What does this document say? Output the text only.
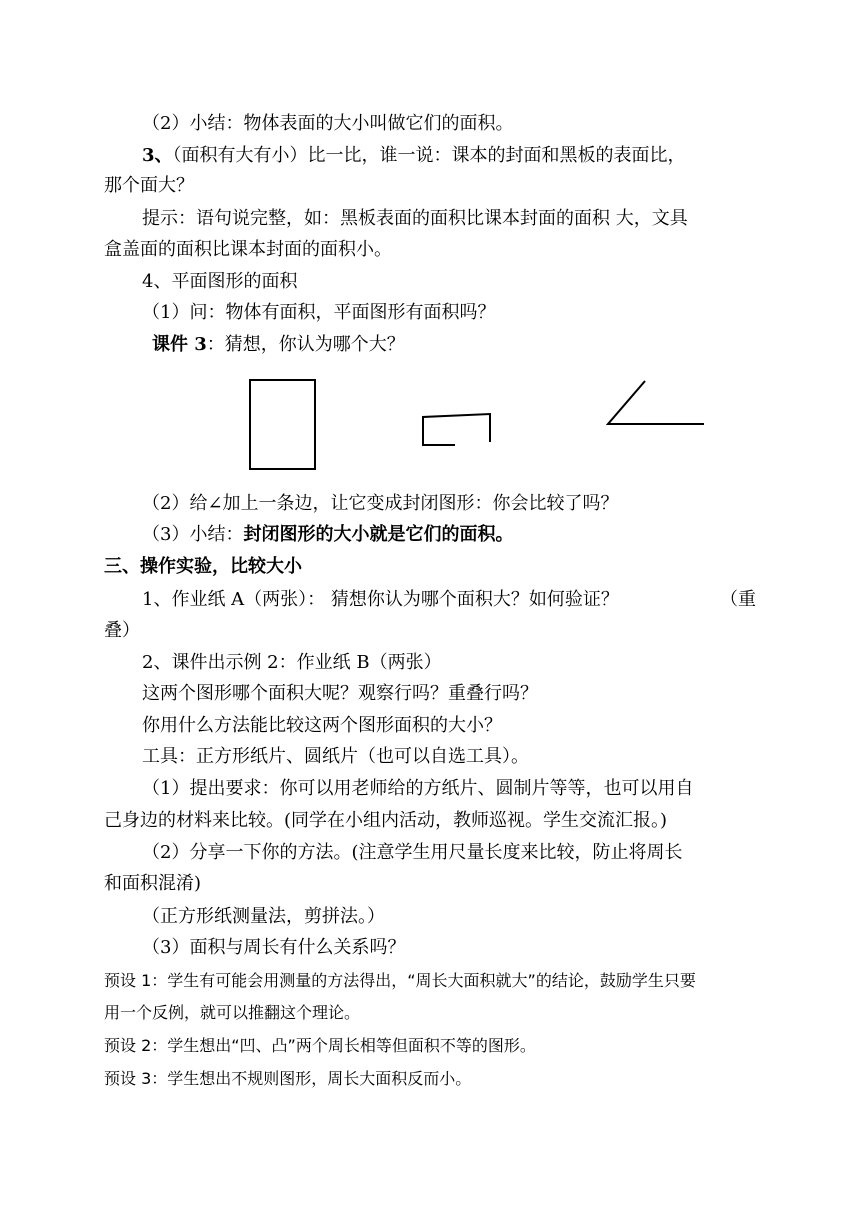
（2）小结：物体表面的大小叫做它们的面积。
3、（面积有大有小）比一比，谁一说：课本的封面和黑板的表面比，
那个面大？
提示：语句说完整，如：黑板表面的面积比课本封面的面积 大，文具
盒盖面的面积比课本封面的面积小。
4、平面图形的面积
（1）问：物体有面积，平面图形有面积吗？
课件 3：猜想，你认为哪个大？
（2）给∠加上一条边，让它变成封闭图形：你会比较了吗？
（3）小结：封闭图形的大小就是它们的面积。
三、操作实验，比较大小
1、作业纸 A（两张）： 猜想你认为哪个面积大？如何验证？	（重
叠）
2、课件出示例 2：作业纸 B（两张）
这两个图形哪个面积大呢？观察行吗？重叠行吗？
你用什么方法能比较这两个图形面积的大小？
工具：正方形纸片、圆纸片（也可以自选工具）。
（1）提出要求：你可以用老师给的方纸片、圆制片等等，也可以用自
己身边的材料来比较。(同学在小组内活动，教师巡视。学生交流汇报。)
（2）分享一下你的方法。(注意学生用尺量长度来比较，防止将周长
和面积混淆)
（正方形纸测量法，剪拼法。）
（3）面积与周长有什么关系吗？
预设 1：学生有可能会用测量的方法得出，“周长大面积就大”的结论，鼓励学生只要
用一个反例，就可以推翻这个理论。
预设 2：学生想出“凹、凸”两个周长相等但面积不等的图形。
预设 3：学生想出不规则图形，周长大面积反而小。
